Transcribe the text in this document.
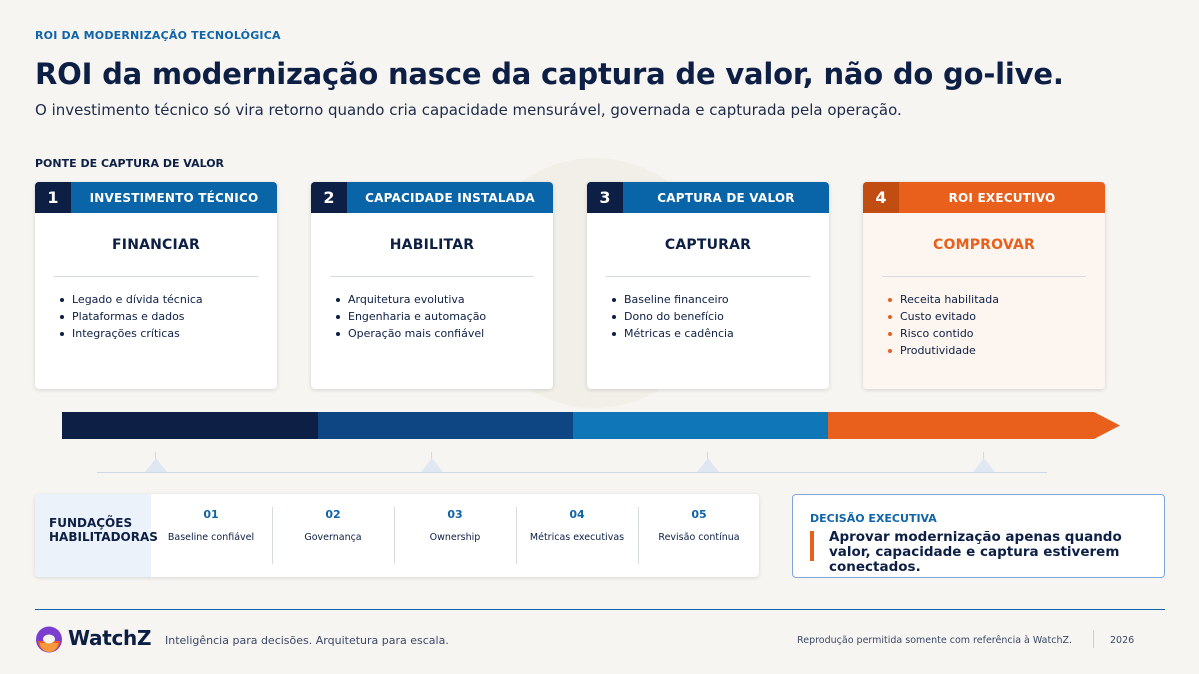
ROI DA MODERNIZAÇÃO TECNOLÓGICA
ROI da modernização nasce da captura de valor, não do go-live.
O investimento técnico só vira retorno quando cria capacidade mensurável, governada e capturada pela operação.
PONTE DE CAPTURA DE VALOR
1	INVESTIMENTO TÉCNICO
FINANCIAR
Legado e dívida técnica
Plataformas e dados
Integrações críticas
2	CAPACIDADE INSTALADA
HABILITAR
Arquitetura evolutiva
Engenharia e automação
Operação mais confiável
3	CAPTURA DE VALOR
CAPTURAR
Baseline financeiro
Dono do benefício
Métricas e cadência
4	ROI EXECUTIVO
COMPROVAR
Receita habilitada
Custo evitado
Risco contido
Produtividade
FUNDAÇÕES HABILITADORAS
01
Baseline confiável
02
Governança
03
Ownership
04
Métricas executivas
05
Revisão contínua
DECISÃO EXECUTIVA
Aprovar modernização apenas quando valor, capacidade e captura estiverem conectados.
WatchZ Inteligência para decisões. Arquitetura para escala.	Reprodução permitida somente com referência à WatchZ.	2026
